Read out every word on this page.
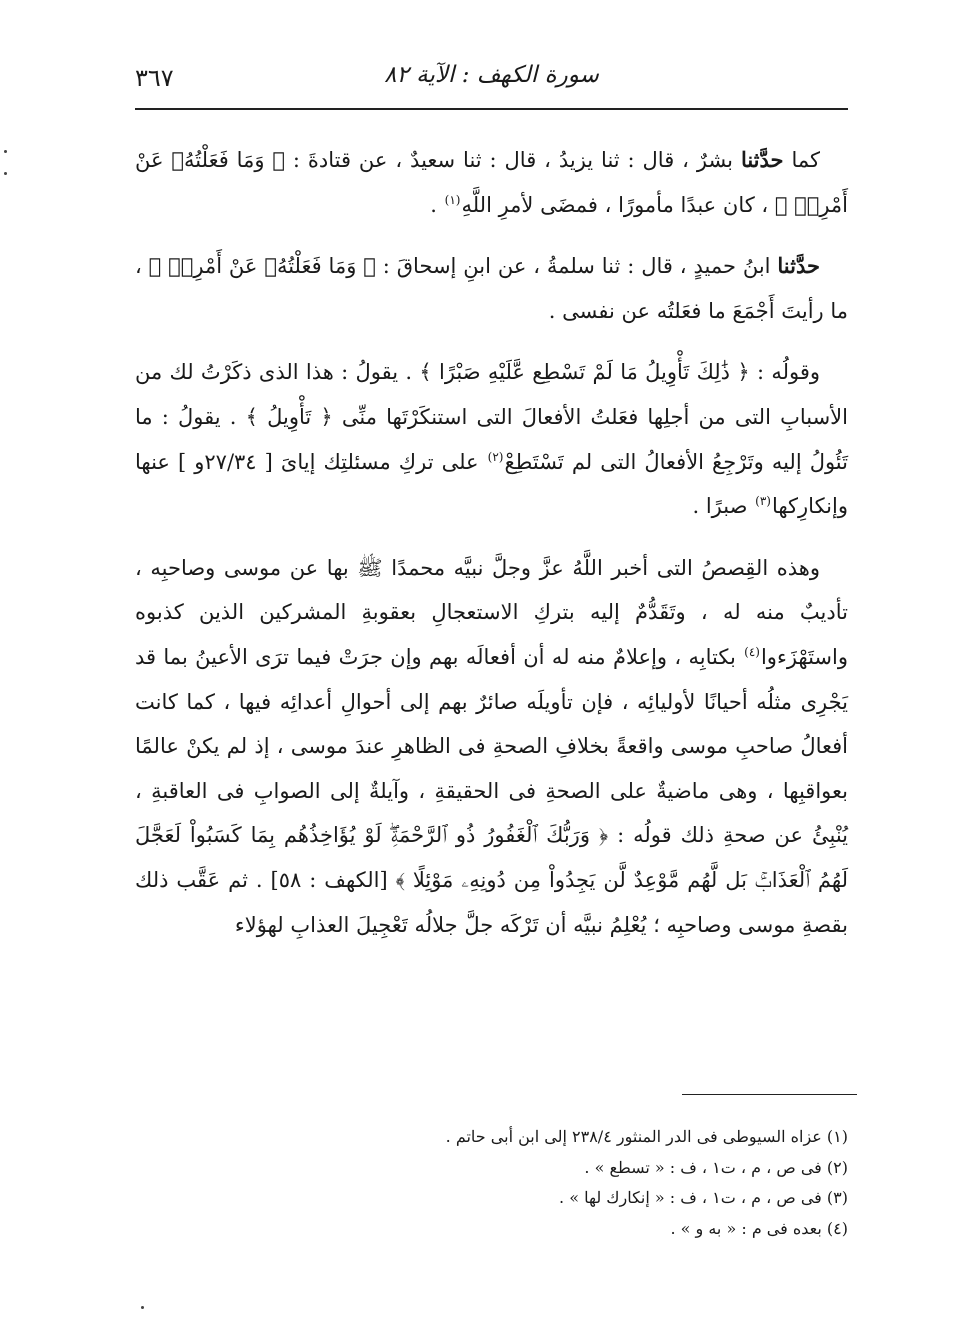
٣٦٧	سورة الكهف : الآية ٨٢

كما حدَّثنا بشرٌ ، قال : ثنا يزيدُ ، قال : ثنا سعيدٌ ، عن قتادةَ : ﴿ وَمَا فَعَلْتُهُۥ عَنْ أَمْرِيۚ ﴾ ، كان عبدًا مأمورًا ، فمضَى لأمرِ اللَّهِ$^{(١)}$ .

حدَّثنا ابنُ حميدٍ ، قال : ثنا سلمةُ ، عن ابنِ إسحاقَ : ﴿ وَمَا فَعَلْتُهُۥ عَنْ أَمْرِيۚ ﴾ ، ما رأيتَ أَجْمَعَ ما فعَلتُه عن نفسى .

وقولُه : ﴿ ذَٰلِكَ تَأْوِيلُ مَا لَمْ تَسْطِع عَّلَيْهِ صَبْرًا ﴾ . يقولُ : هذا الذى ذكَرْتُ لك من الأسبابِ التى من أجلِها فعَلتُ الأفعالَ التى استنكَرْتَها منِّى ﴿ تَأْوِيلُ ﴾ . يقولُ : ما تَئُولُ إليه وتَرْجِعُ الأفعالُ التى لم تَسْتَطِعْ$^{(٢)}$ على تركِ مسئلتِك إيایَ [ ٢٧/٣٤و ] عنها وإنكارِكها$^{(٣)}$ صبرًا .

وهذه القِصصُ التى أخبر اللَّهُ عزَّ وجلَّ نبيَّه محمدًا ﷺ بها عن موسى وصاحبِه ، تأديبٌ منه له ، وتَقَدُّمٌ إليه بتركِ الاستعجالِ بعقوبةِ المشركين الذين كذبوه واستَهْزَءوا$^{(٤)}$ بكتابِه ، وإعلامٌ منه له أن أفعالَه بهم وإن جرَتْ فيما ترَى الأعينُ بما قد يَجْرِى مثلُه أحيانًا لأوليائِه ، فإن تأويلَه صائرٌ بهم إلى أحوالِ أعدائِه فيها ، كما كانت أفعالُ صاحبِ موسى واقعةً بخلافِ الصحةِ فى الظاهرِ عندَ موسى ، إذ لم يكنْ عالمًا بعواقبِها ، وهى ماضيةٌ على الصحةِ فى الحقيقةِ ، وآيلةٌ إلى الصوابِ فى العاقبةِ ، يُنْبِئُ عن صحةِ ذلك قولُه : ﴿ وَرَبُّكَ ٱلْغَفُورُ ذُو ٱلرَّحْمَةِۖ لَوْ يُؤَاخِذُهُم بِمَا كَسَبُواْ لَعَجَّلَ لَهُمُ ٱلْعَذَابَۚ بَل لَّهُم مَّوْعِدٌ لَّن يَجِدُواْ مِن دُونِهِۦ مَوْئِلًا ﴾ [الكهف : ٥٨] . ثم عَقَّب ذلك بقصةِ موسى وصاحبِه ؛ يُعْلِمُ نبيَّه أن تَرْكَه جلَّ جلالُه تَعْجِيلَ العذابِ لهؤلاء

(١) عزاه السيوطى فى الدر المنثور ٢٣٨/٤ إلى ابن أبى حاتم .

(٢) فى ص ، م ، ت١ ، ف : « تسطع » .

(٣) فى ص ، م ، ت١ ، ف : « إنكارك لها » .

(٤) بعده فى م : « به و » .
